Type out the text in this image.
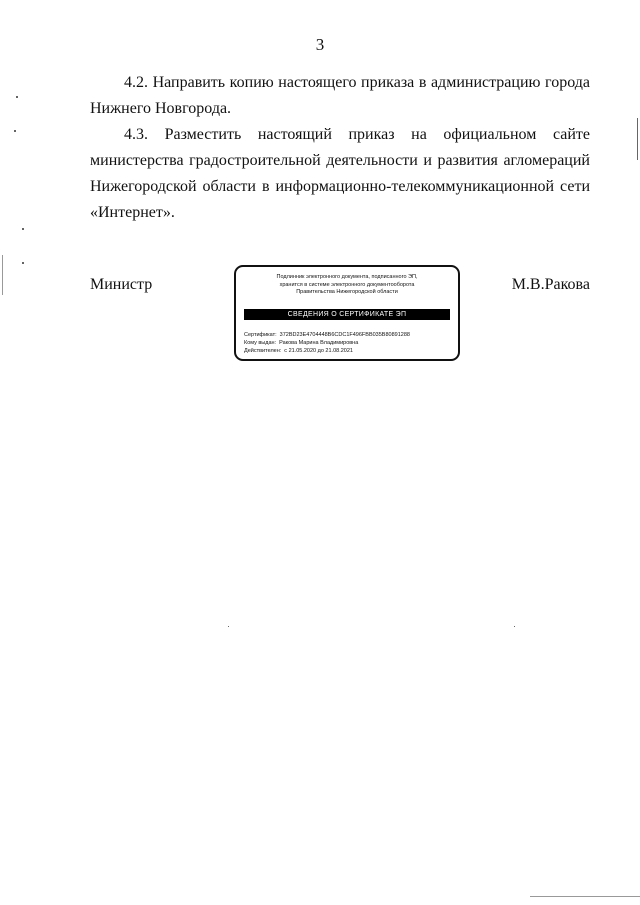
3
4.2. Направить копию настоящего приказа в администрацию города Нижнего Новгорода.
4.3. Разместить настоящий приказ на официальном сайте министерства градостроительной деятельности и развития агломераций Нижегородской области в информационно-телекоммуникационной сети «Интернет».
Министр	Подлинник электронного документа, подписанного ЭП,
хранится в системе электронного документооборота
Правительства Нижегородской области
СВЕДЕНИЯ О СЕРТИФИКАТЕ ЭП
Сертификат: 372BD23E4704448B6CDC1F496FBB035B80891288
Кому выдан: Ракова Марина Владимировна
Действителен: с 21.05.2020 до 21.08.2021
М.В.Ракова
